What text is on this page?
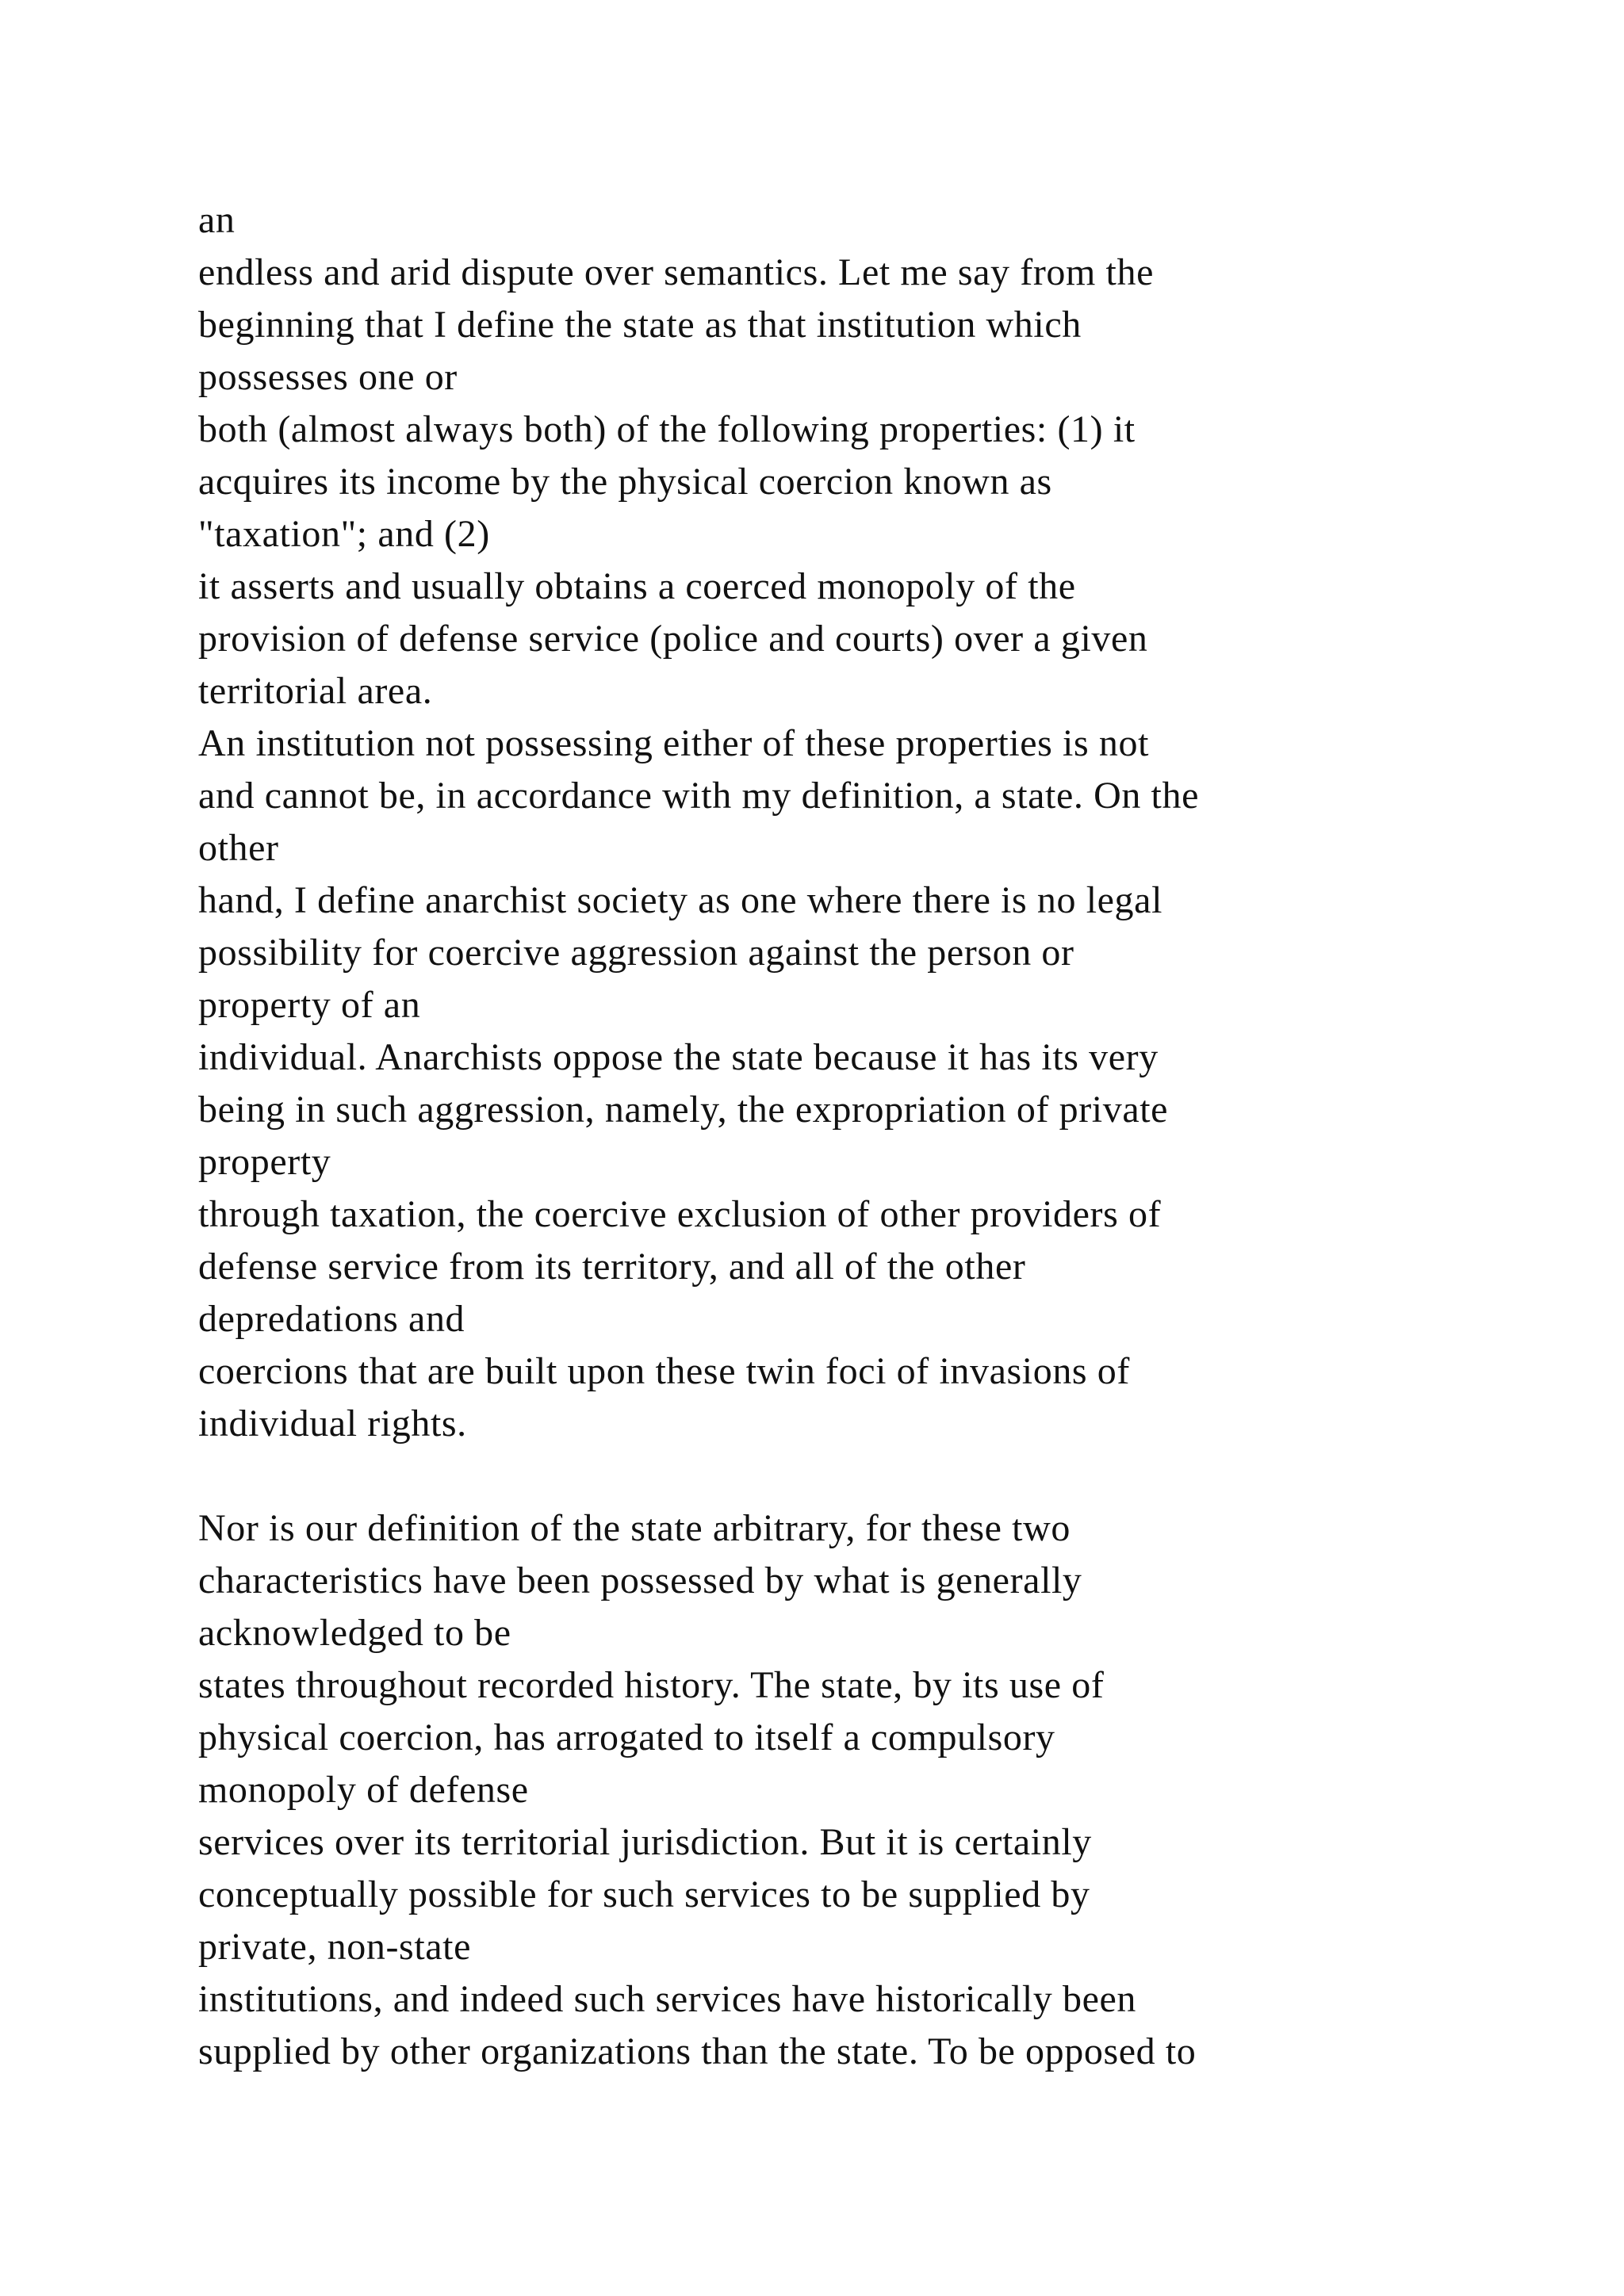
an
endless and arid dispute over semantics. Let me say from the
beginning that I define the state as that institution which
possesses one or
both (almost always both) of the following properties: (1) it
acquires its income by the physical coercion known as
"taxation"; and (2)
it asserts and usually obtains a coerced monopoly of the
provision of defense service (police and courts) over a given
territorial area.
An institution not possessing either of these properties is not
and cannot be, in accordance with my definition, a state. On the
other
hand, I define anarchist society as one where there is no legal
possibility for coercive aggression against the person or
property of an
individual. Anarchists oppose the state because it has its very
being in such aggression, namely, the expropriation of private
property
through taxation, the coercive exclusion of other providers of
defense service from its territory, and all of the other
depredations and
coercions that are built upon these twin foci of invasions of
individual rights.
Nor is our definition of the state arbitrary, for these two
characteristics have been possessed by what is generally
acknowledged to be
states throughout recorded history. The state, by its use of
physical coercion, has arrogated to itself a compulsory
monopoly of defense
services over its territorial jurisdiction. But it is certainly
conceptually possible for such services to be supplied by
private, non-state
institutions, and indeed such services have historically been
supplied by other organizations than the state. To be opposed to
